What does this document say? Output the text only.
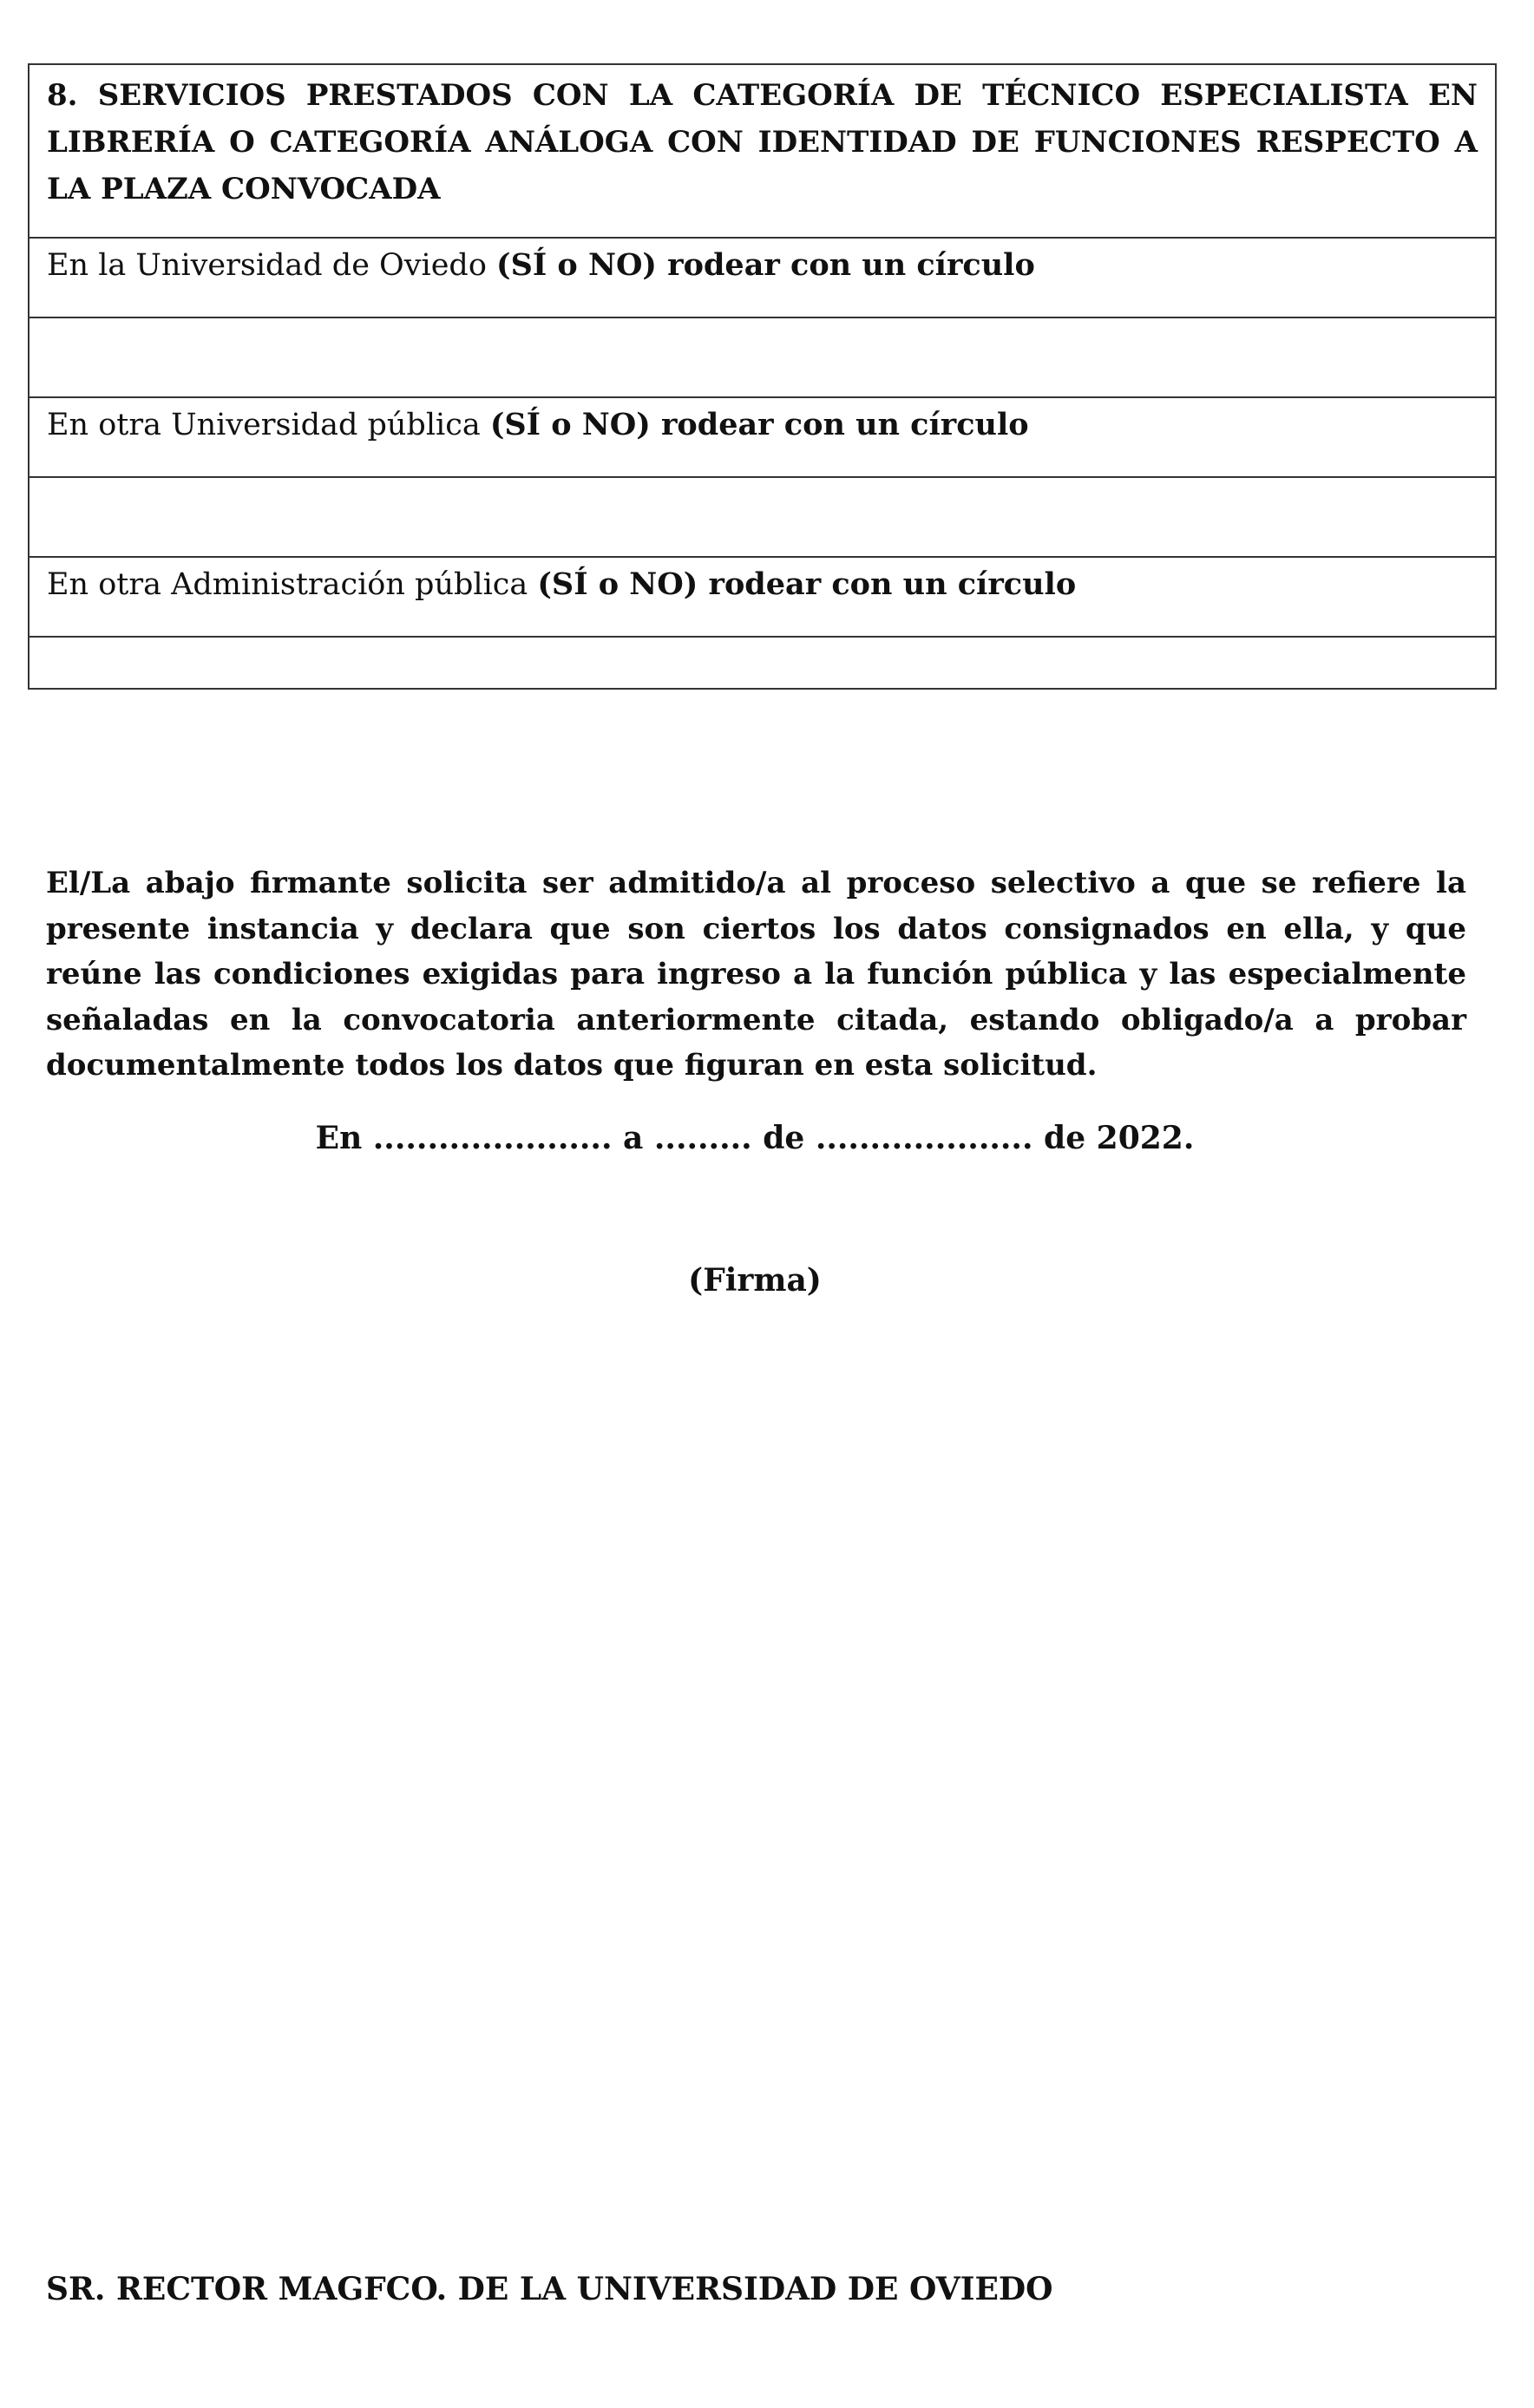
8. SERVICIOS PRESTADOS CON LA CATEGORÍA DE TÉCNICO ESPECIALISTA EN LIBRERÍA O CATEGORÍA ANÁLOGA CON IDENTIDAD DE FUNCIONES RESPECTO A LA PLAZA CONVOCADA
En la Universidad de Oviedo (SÍ o NO) rodear con un círculo
En otra Universidad pública (SÍ o NO) rodear con un círculo
En otra Administración pública (SÍ o NO) rodear con un círculo

El/La abajo firmante solicita ser admitido/a al proceso selectivo a que se refiere la presente instancia y declara que son ciertos los datos consignados en ella, y que reúne las condiciones exigidas para ingreso a la función pública y las especialmente señaladas en la convocatoria anteriormente citada, estando obligado/a a probar documentalmente todos los datos que figuran en esta solicitud.

En ...................... a ......... de .................... de 2022.
(Firma)
SR. RECTOR MAGFCO. DE LA UNIVERSIDAD DE OVIEDO
